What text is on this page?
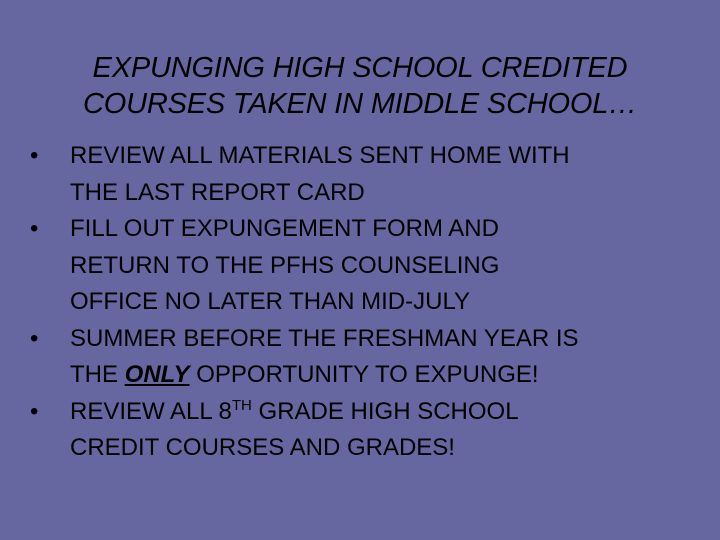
EXPUNGING HIGH SCHOOL CREDITED
COURSES TAKEN IN MIDDLE SCHOOL…
•	REVIEW ALL MATERIALS SENT HOME WITH
THE LAST REPORT CARD
•	FILL OUT EXPUNGEMENT FORM AND
RETURN TO THE PFHS COUNSELING
OFFICE NO LATER THAN MID-JULY
•	SUMMER BEFORE THE FRESHMAN YEAR IS
THE ONLY OPPORTUNITY TO EXPUNGE!
•	REVIEW ALL 8TH GRADE HIGH SCHOOL
CREDIT COURSES AND GRADES!
